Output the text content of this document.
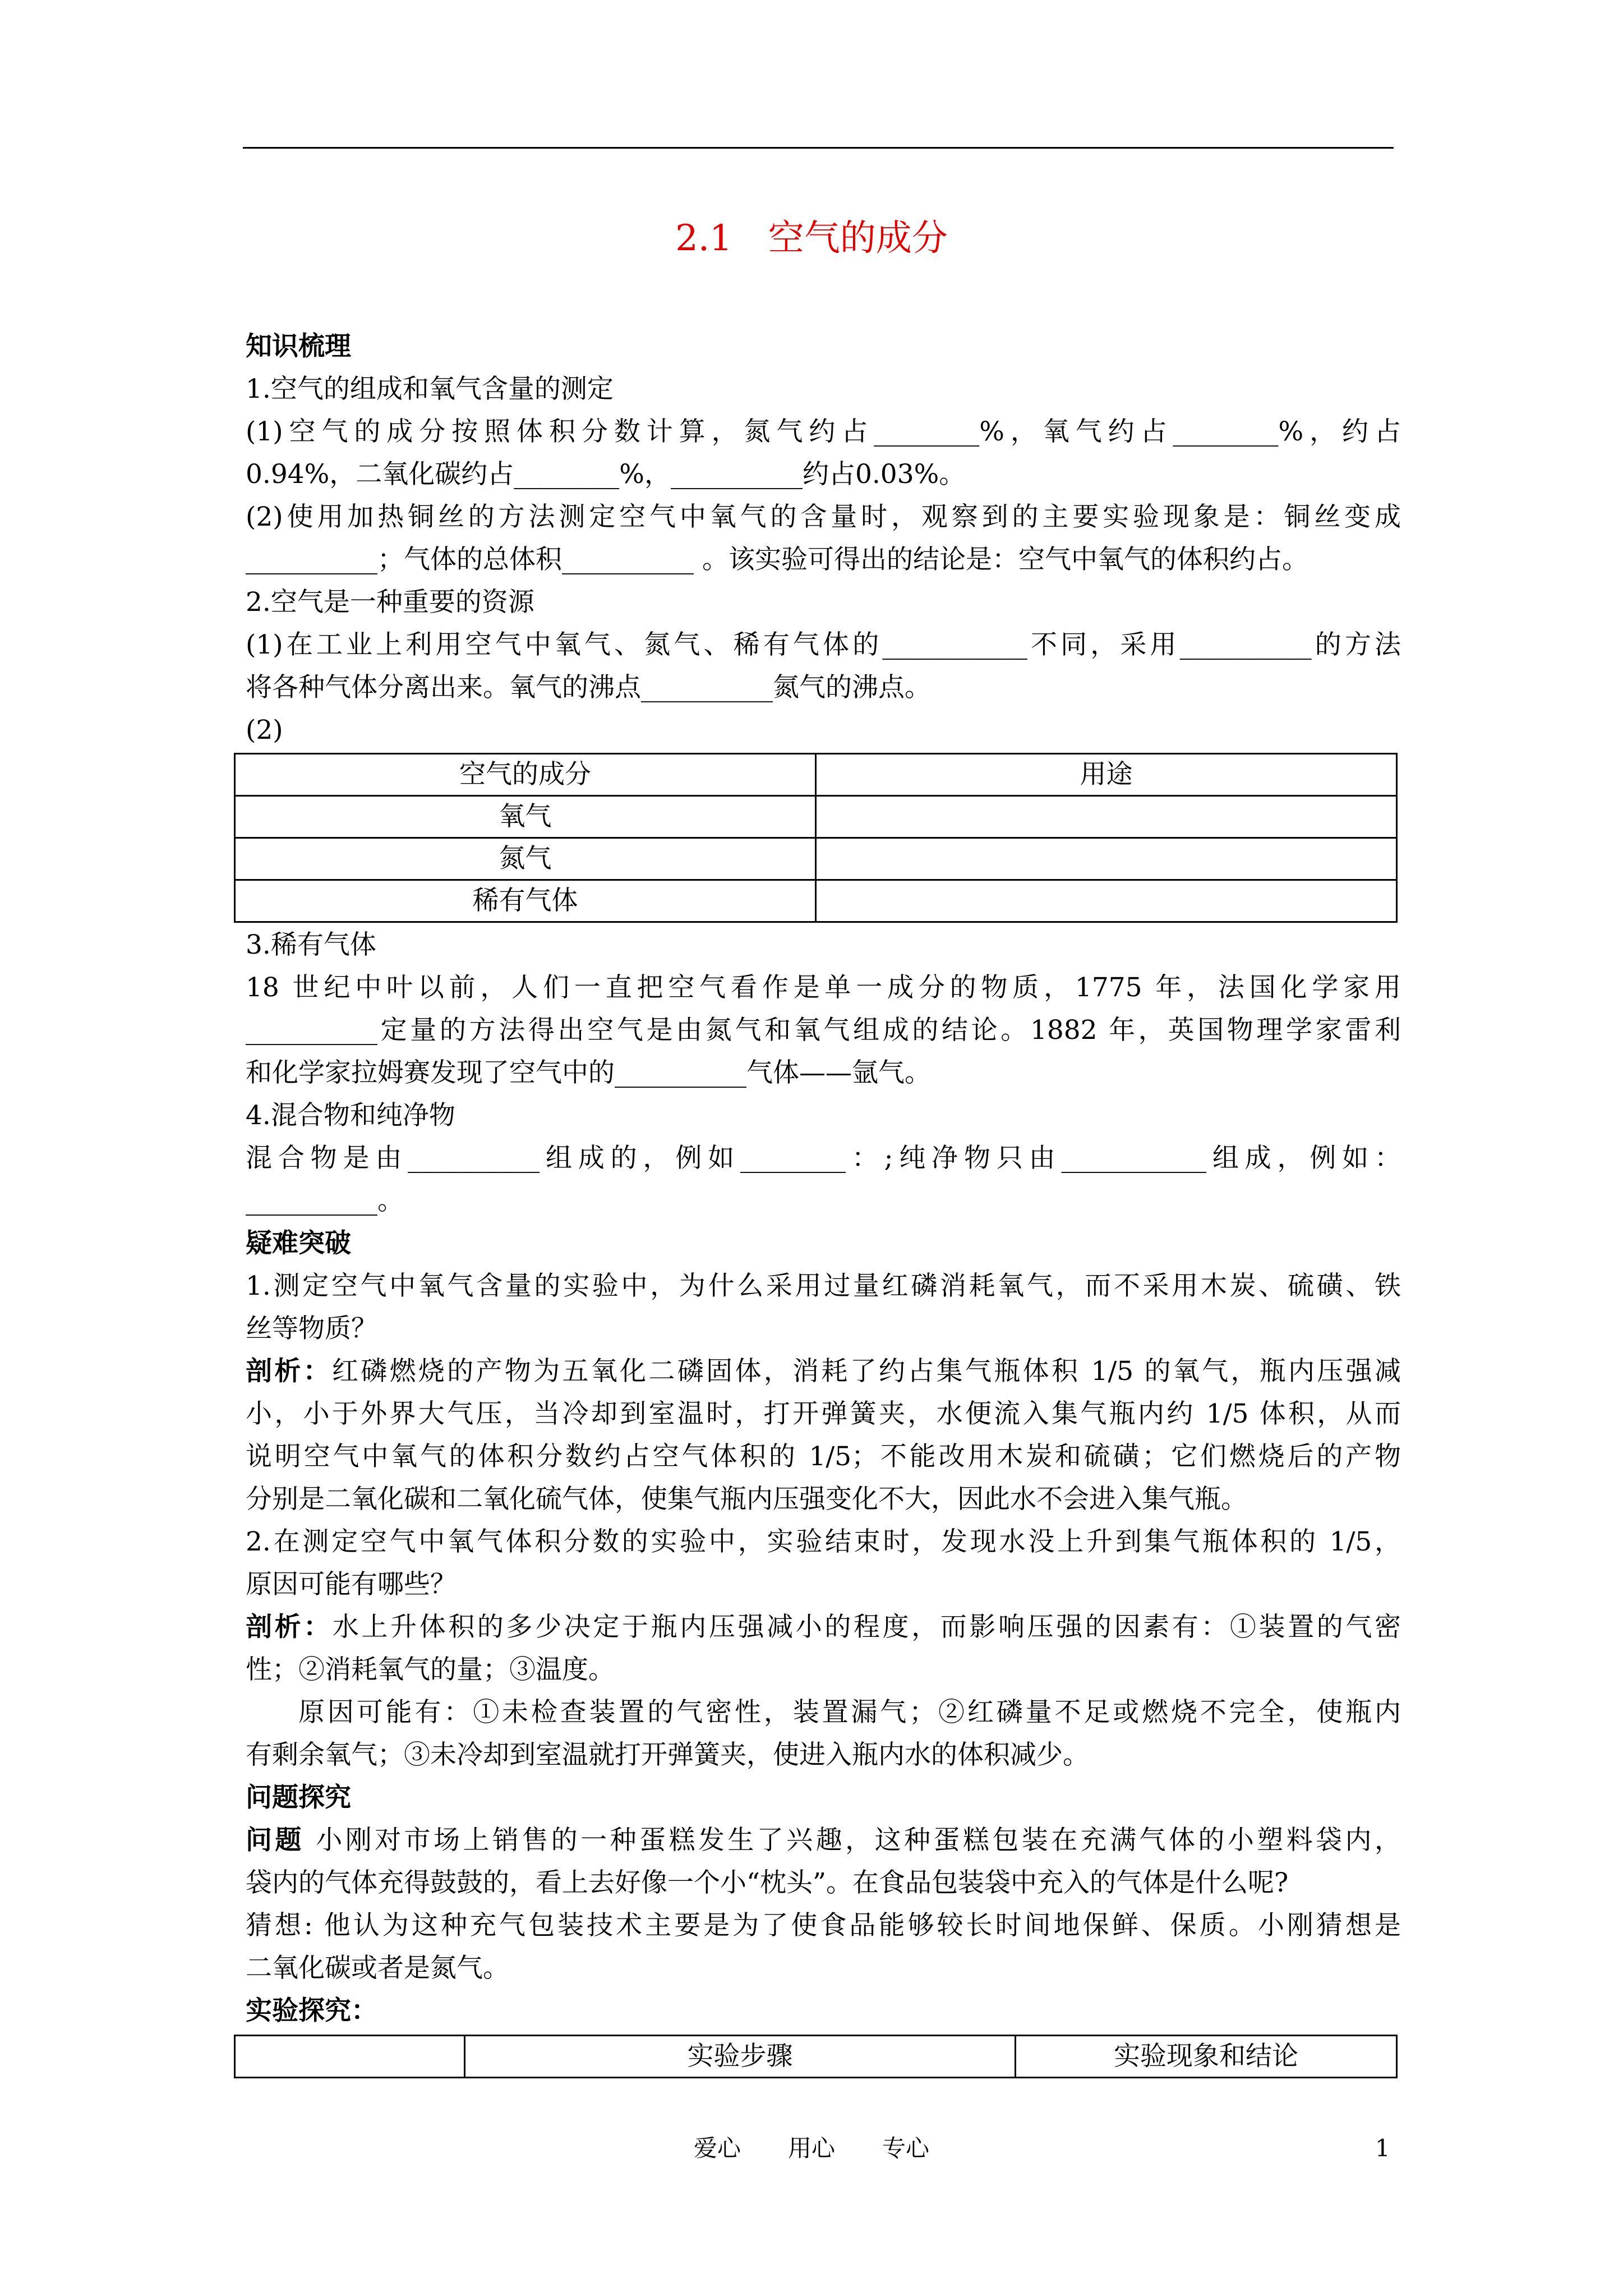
2.1　空气的成分
知识梳理
1.空气的组成和氧气含量的测定
(1)空气的成分按照体积分数计算，氮气约占________%，氧气约占________%，约占
0.94%，二氧化碳约占________%，__________约占0.03%。
(2)使用加热铜丝的方法测定空气中氧气的含量时，观察到的主要实验现象是：铜丝变成
__________；气体的总体积__________ 。该实验可得出的结论是：空气中氧气的体积约占。
2.空气是一种重要的资源
(1)在工业上利用空气中氧气、氮气、稀有气体的___________不同，采用__________的方法
将各种气体分离出来。氧气的沸点__________氮气的沸点。
(2)
空气的成分	用途
氧气	
氮气	
稀有气体	
3.稀有气体
18 世纪中叶以前，人们一直把空气看作是单一成分的物质，1775 年，法国化学家用
__________定量的方法得出空气是由氮气和氧气组成的结论。1882 年，英国物理学家雷利
和化学家拉姆赛发现了空气中的__________气体——氩气。
4.混合物和纯净物
混合物是由__________组成的，例如________：;纯净物只由___________组成，例如：
__________。
疑难突破
1.测定空气中氧气含量的实验中，为什么采用过量红磷消耗氧气，而不采用木炭、硫磺、铁
丝等物质？
剖析：红磷燃烧的产物为五氧化二磷固体，消耗了约占集气瓶体积 1/5 的氧气，瓶内压强减
小，小于外界大气压，当冷却到室温时，打开弹簧夹，水便流入集气瓶内约 1/5 体积，从而
说明空气中氧气的体积分数约占空气体积的 1/5；不能改用木炭和硫磺；它们燃烧后的产物
分别是二氧化碳和二氧化硫气体，使集气瓶内压强变化不大，因此水不会进入集气瓶。
2.在测定空气中氧气体积分数的实验中，实验结束时，发现水没上升到集气瓶体积的 1/5，
原因可能有哪些？
剖析：水上升体积的多少决定于瓶内压强减小的程度，而影响压强的因素有：①装置的气密
性；②消耗氧气的量；③温度。
原因可能有：①未检查装置的气密性，装置漏气；②红磷量不足或燃烧不完全，使瓶内
有剩余氧气；③未冷却到室温就打开弹簧夹，使进入瓶内水的体积减少。
问题探究
问题 小刚对市场上销售的一种蛋糕发生了兴趣，这种蛋糕包装在充满气体的小塑料袋内，
袋内的气体充得鼓鼓的，看上去好像一个小“枕头”。在食品包装袋中充入的气体是什么呢?
猜想: 他认为这种充气包装技术主要是为了使食品能够较长时间地保鲜、保质。小刚猜想是
二氧化碳或者是氮气。
实验探究：
	实验步骤	实验现象和结论
爱心　　用心　　专心	1
